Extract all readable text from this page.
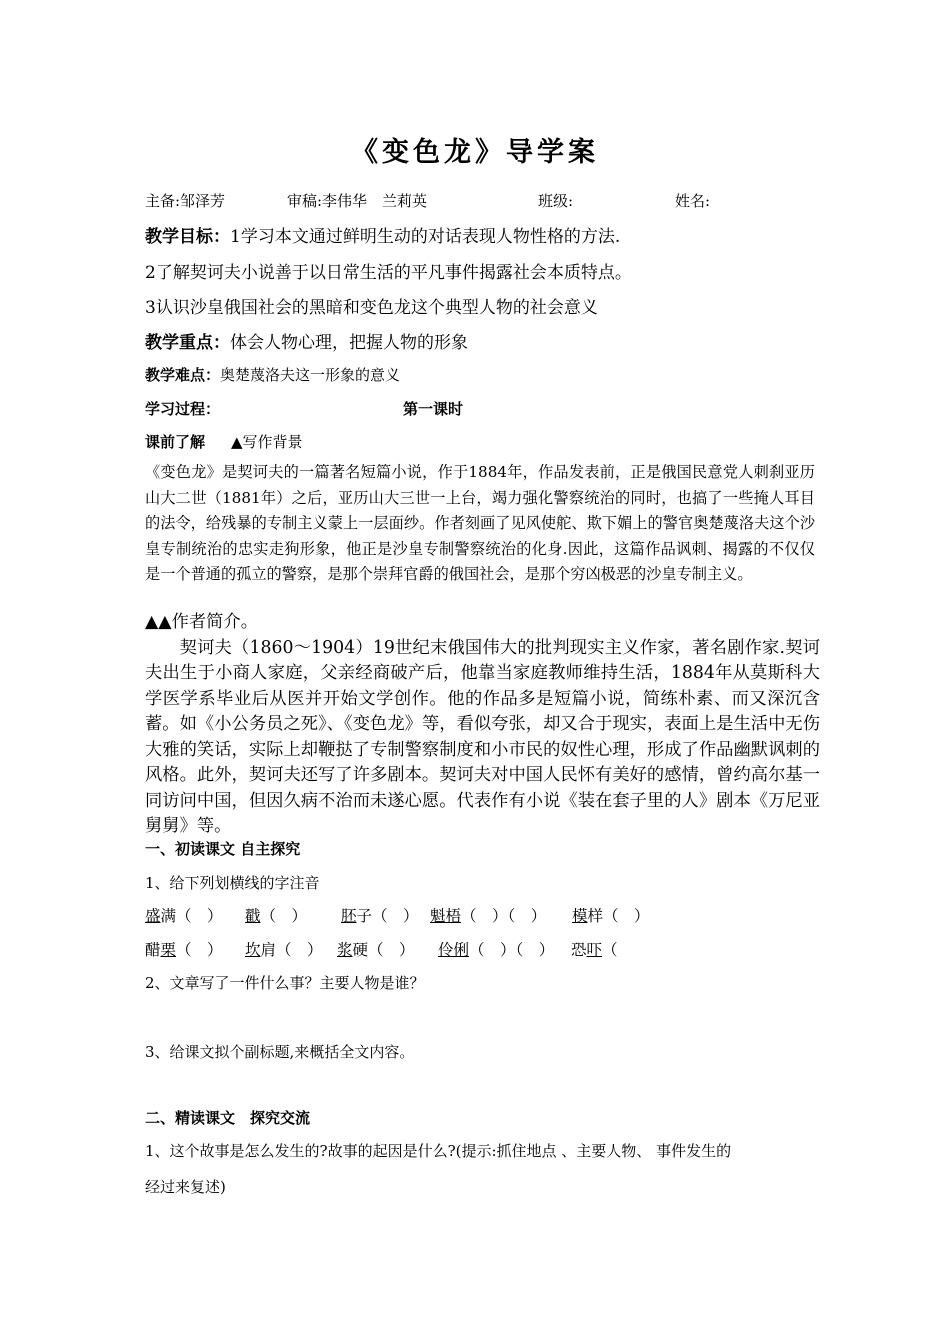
《变色龙》导学案
主备:邹泽芳	审稿:李伟华　兰莉英	班级:	姓名:
教学目标：1学习本文通过鲜明生动的对话表现人物性格的方法.
2了解契诃夫小说善于以日常生活的平凡事件揭露社会本质特点。
3认识沙皇俄国社会的黑暗和变色龙这个典型人物的社会意义
教学重点：体会人物心理，把握人物的形象
教学难点：奥楚蔑洛夫这一形象的意义
学习过程：	第一课时
课前了解 ▲写作背景
《变色龙》是契诃夫的一篇著名短篇小说，作于1884年，作品发表前，正是俄国民意党人刺刹亚历山大二世（1881年）之后，亚历山大三世一上台，竭力强化警察统治的同时，也搞了一些掩人耳目的法令，给残暴的专制主义蒙上一层面纱。作者刻画了见风使舵、欺下媚上的警官奥楚蔑洛夫这个沙皇专制统治的忠实走狗形象，他正是沙皇专制警察统治的化身.因此，这篇作品讽刺、揭露的不仅仅是一个普通的孤立的警察，是那个崇拜官爵的俄国社会，是那个穷凶极恶的沙皇专制主义。

▲▲作者简介。

契诃夫（1860～1904）19世纪末俄国伟大的批判现实主义作家，著名剧作家.契诃夫出生于小商人家庭，父亲经商破产后，他靠当家庭教师维持生活，1884年从莫斯科大学医学系毕业后从医并开始文学创作。他的作品多是短篇小说，简练朴素、而又深沉含蓄。如《小公务员之死》、《变色龙》等，看似夸张，却又合于现实，表面上是生活中无伤大雅的笑话，实际上却鞭挞了专制警察制度和小市民的奴性心理，形成了作品幽默讽刺的风格。此外，契诃夫还写了许多剧本。契诃夫对中国人民怀有美好的感情，曾约高尔基一同访问中国，但因久病不治而未遂心愿。代表作有小说《装在套子里的人》剧本《万尼亚舅舅》等。

一、初读课文 自主探究
1、给下列划横线的字注音
盛满（　） 戳（　） 胚子（　） 魁梧（　）（　） 模样（　）
醋栗（　） 坎肩（　） 浆硬（　） 伶俐（　）（　） 恐吓（
2、文章写了一件什么事？主要人物是谁？
3、给课文拟个副标题,来概括全文内容。
二、精读课文　探究交流
1、这个故事是怎么发生的?故事的起因是什么?(提示:抓住地点 、主要人物、 事件发生的
经过来复述)
